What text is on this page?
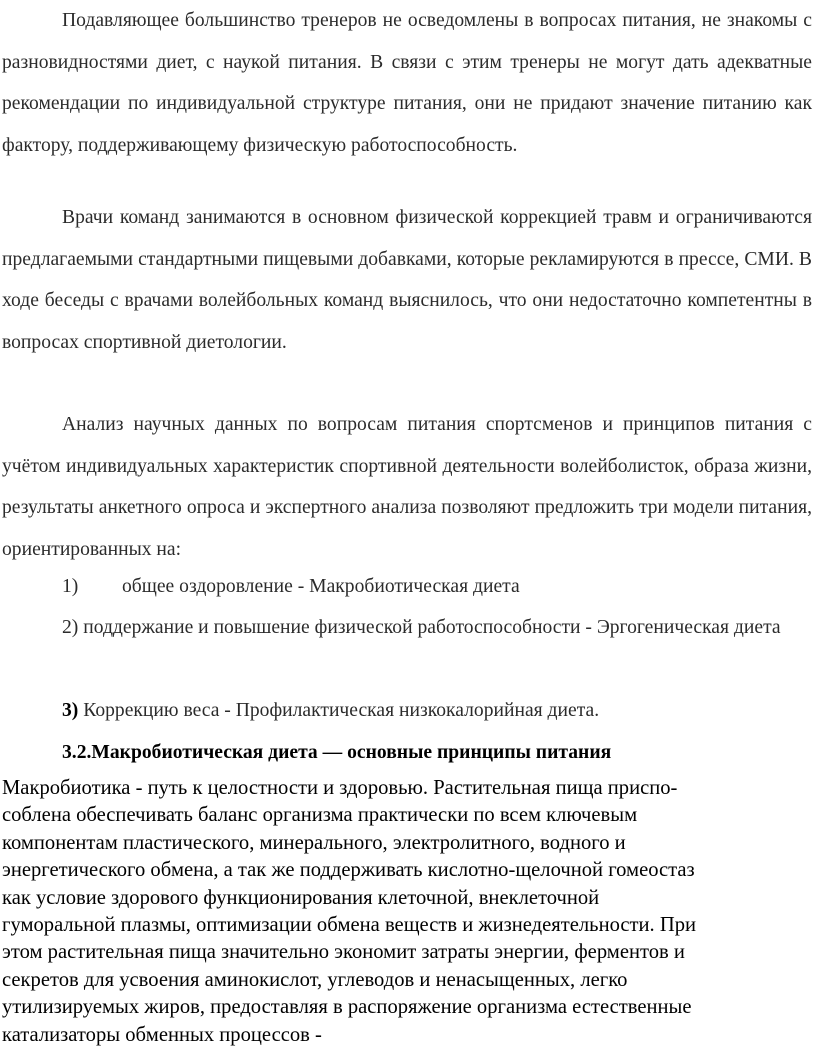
Подавляющее большинство тренеров не осведомлены в вопросах питания, не знакомы с разновидностями диет, с наукой питания. В связи с этим тренеры не могут дать адекватные рекомендации по индивидуальной структуре питания, они не придают значение питанию как фактору, поддерживающему физическую работоспособность.

Врачи команд занимаются в основном физической коррекцией травм и ограничиваются предлагаемыми стандартными пищевыми добавками, которые рекламируются в прессе, СМИ. В ходе беседы с врачами волейбольных команд выяснилось, что они недостаточно компетентны в вопросах спортивной диетологии.

Анализ научных данных по вопросам питания спортсменов и принципов питания с учётом индивидуальных характеристик спортивной деятельности волейболисток, образа жизни, результаты анкетного опроса и экспертного анализа позволяют предложить три модели питания, ориентированных на:

1) общее оздоровление - Макробиотическая диета

2) поддержание и повышение физической работоспособности - Эргогеническая диета

3) Коррекцию веса - Профилактическая низкокалорийная диета.
3.2.Макробиотическая диета — основные принципы питания
Макробиотика - путь к целостности и здоровью. Растительная пища приспо-
соблена обеспечивать баланс организма практически по всем ключевым
компонентам пластического, минерального, электролитного, водного и
энергетического обмена, а так же поддерживать кислотно-щелочной гомеостаз
как условие здорового функционирования клеточной, внеклеточной
гуморальной плазмы, оптимизации обмена веществ и жизнедеятельности. При
этом растительная пища значительно экономит затраты энергии, ферментов и
секретов для усвоения аминокислот, углеводов и ненасыщенных, легко
утилизируемых жиров, предоставляя в распоряжение организма естественные
катализаторы обменных процессов -
